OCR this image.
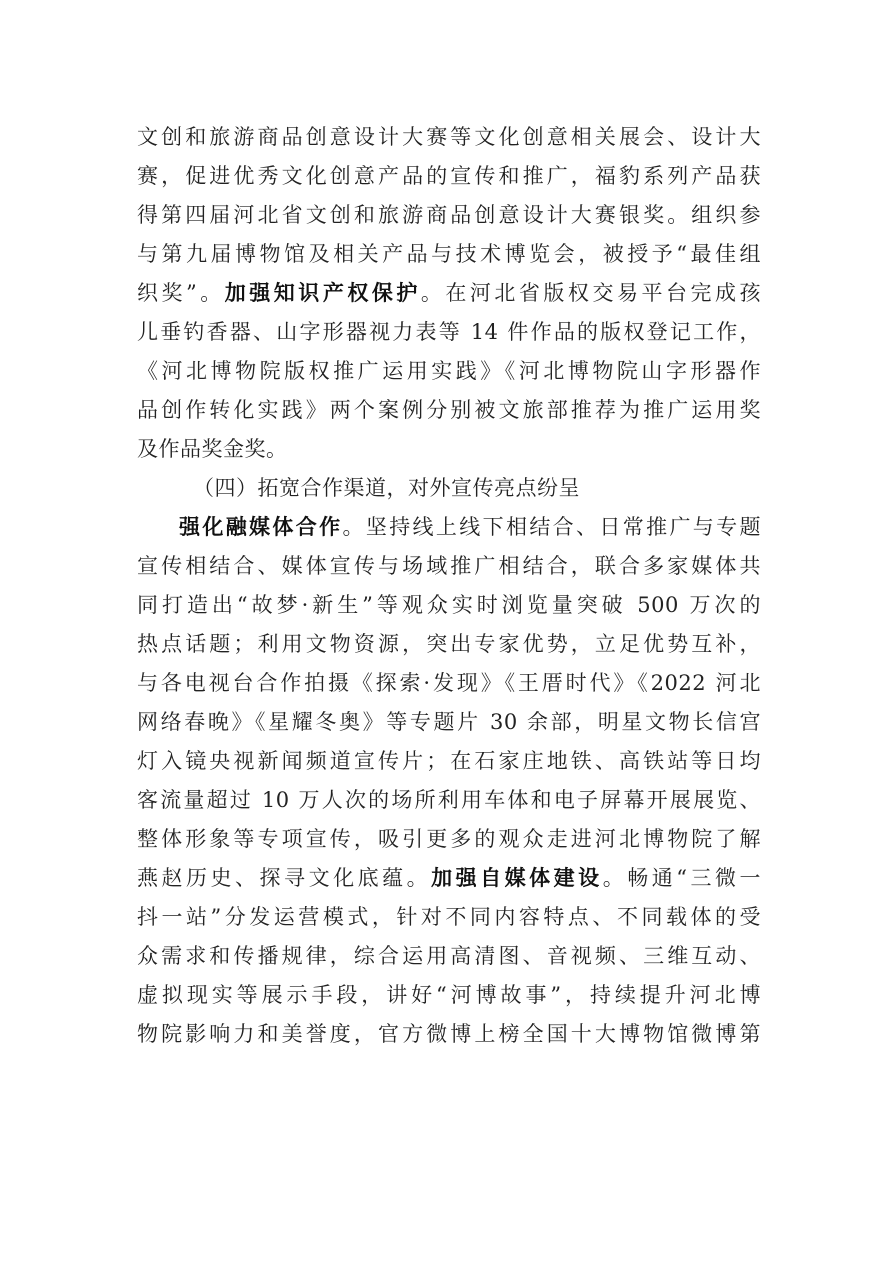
文创和旅游商品创意设计大赛等文化创意相关展会、设计大
赛，促进优秀文化创意产品的宣传和推广，福豹系列产品获
得第四届河北省文创和旅游商品创意设计大赛银奖。组织参
与第九届博物馆及相关产品与技术博览会，被授予“最佳组
织奖”。加强知识产权保护。在河北省版权交易平台完成孩
儿垂钓香器、山字形器视力表等 14 件作品的版权登记工作，
《河北博物院版权推广运用实践》《河北博物院山字形器作
品创作转化实践》两个案例分别被文旅部推荐为推广运用奖
及作品奖金奖。
（四）拓宽合作渠道，对外宣传亮点纷呈
强化融媒体合作。坚持线上线下相结合、日常推广与专题
宣传相结合、媒体宣传与场域推广相结合，联合多家媒体共
同打造出“故梦·新生”等观众实时浏览量突破 500 万次的
热点话题；利用文物资源，突出专家优势，立足优势互补，
与各电视台合作拍摄《探索·发现》《王厝时代》《2022 河北
网络春晚》《星耀冬奥》等专题片 30 余部，明星文物长信宫
灯入镜央视新闻频道宣传片；在石家庄地铁、高铁站等日均
客流量超过 10 万人次的场所利用车体和电子屏幕开展展览、
整体形象等专项宣传，吸引更多的观众走进河北博物院了解
燕赵历史、探寻文化底蕴。加强自媒体建设。畅通“三微一
抖一站”分发运营模式，针对不同内容特点、不同载体的受
众需求和传播规律，综合运用高清图、音视频、三维互动、
虚拟现实等展示手段，讲好“河博故事”，持续提升河北博
物院影响力和美誉度，官方微博上榜全国十大博物馆微博第
